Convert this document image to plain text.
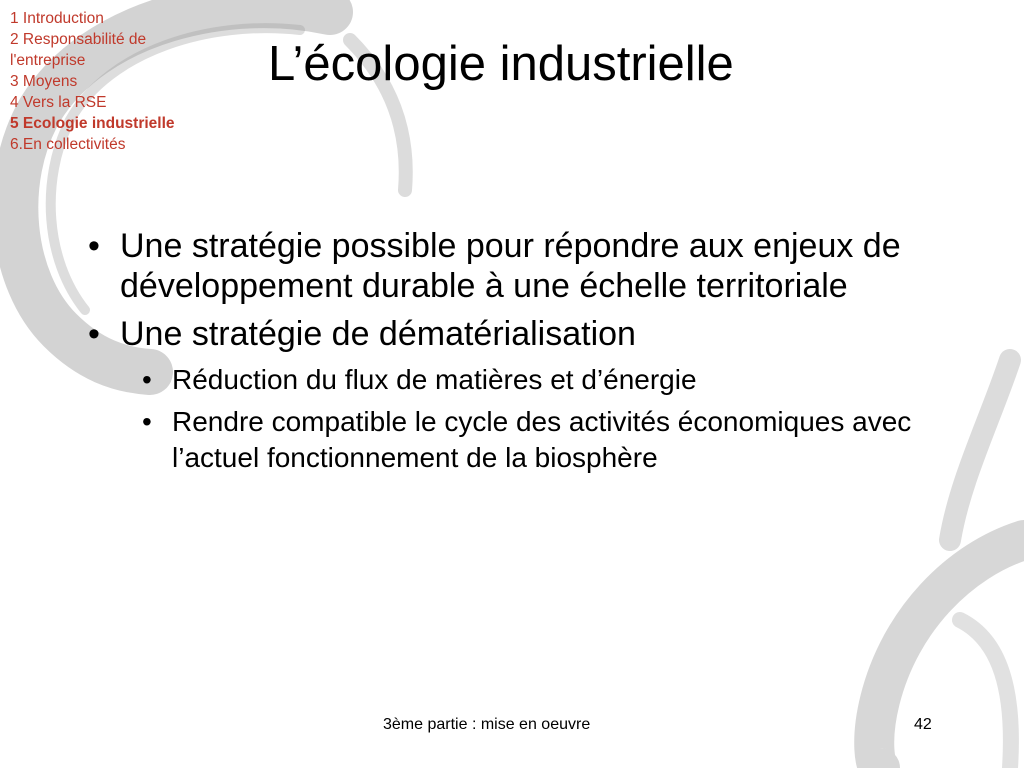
1 Introduction
2 Responsabilité de
l'entreprise
3 Moyens
4 Vers la RSE
5 Ecologie industrielle
6.En collectivités
L’écologie industrielle
• Une stratégie possible pour répondre aux enjeux de développement durable à une échelle territoriale
• Une stratégie de dématérialisation
• Réduction du flux de matières et d’énergie
• Rendre compatible le cycle des activités économiques avec l’actuel fonctionnement de la biosphère
3ème partie : mise en oeuvre	42
